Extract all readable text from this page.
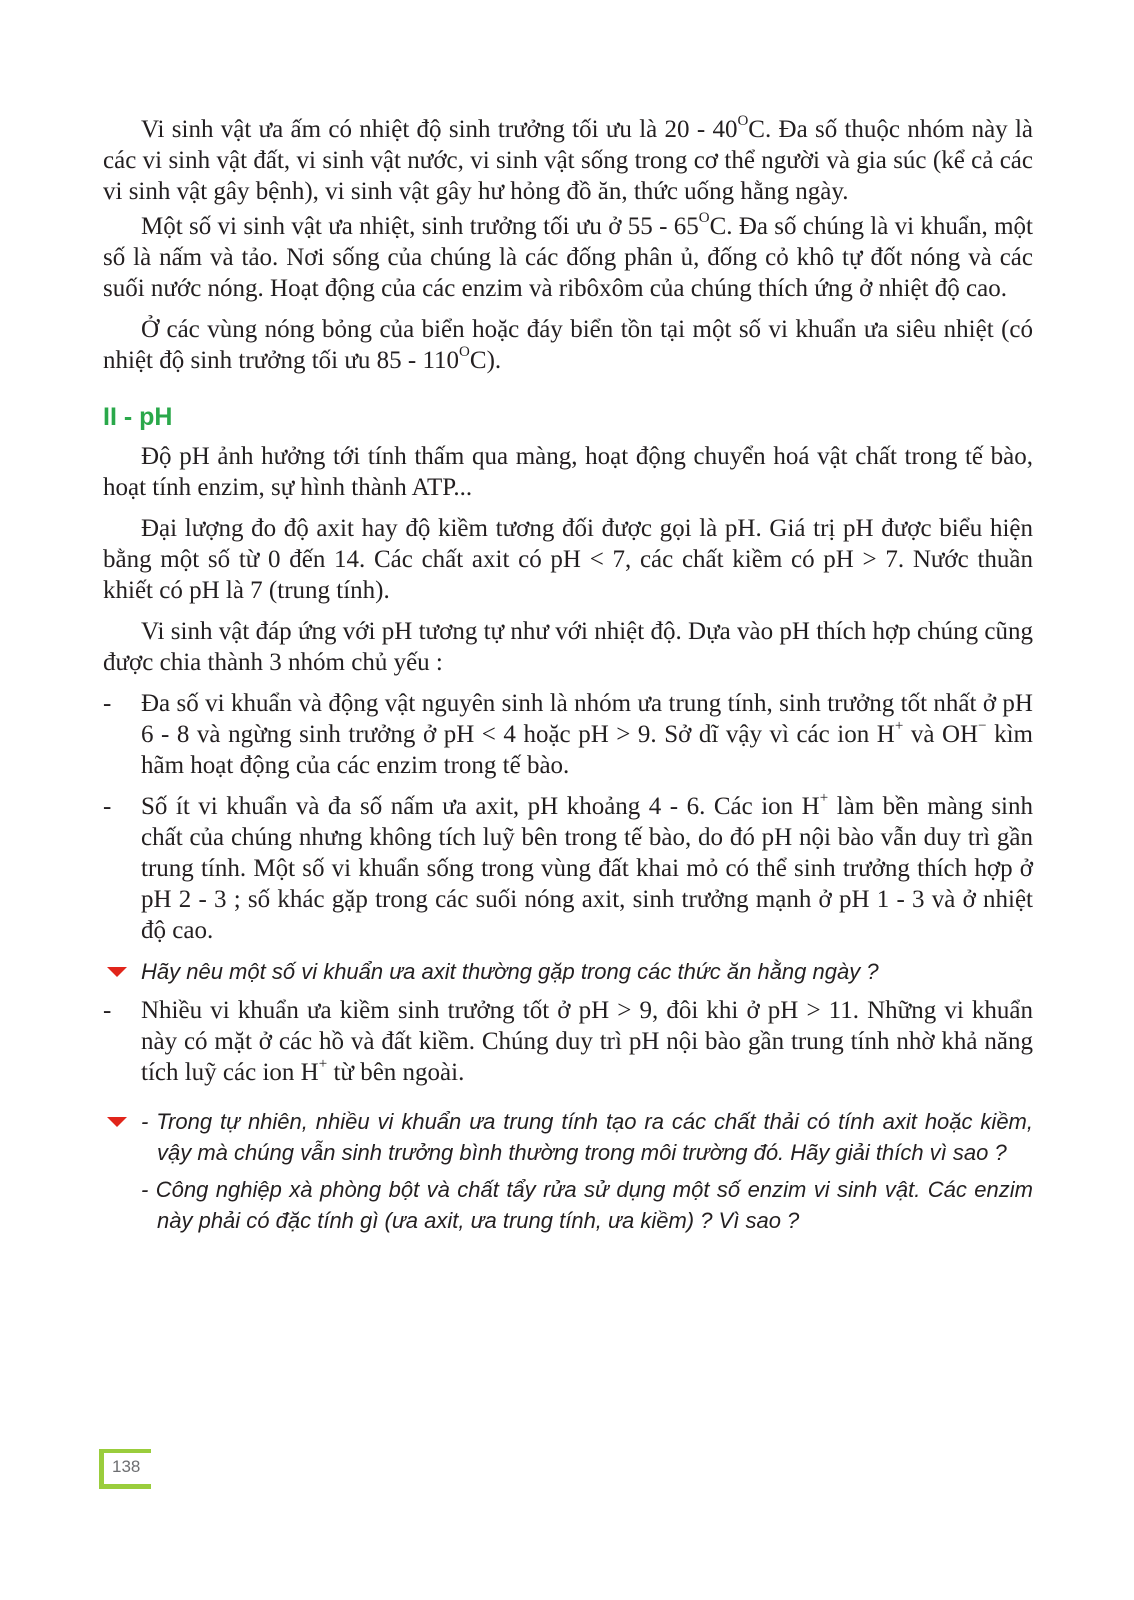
Vi sinh vật ưa ấm có nhiệt độ sinh trưởng tối ưu là $20 - 40^OC$. Đa số thuộc nhóm này là các vi sinh vật đất, vi sinh vật nước, vi sinh vật sống trong cơ thể người và gia súc (kể cả các vi sinh vật gây bệnh), vi sinh vật gây hư hỏng đồ ăn, thức uống hằng ngày.

Một số vi sinh vật ưa nhiệt, sinh trưởng tối ưu ở $55 - 65^OC$. Đa số chúng là vi khuẩn, một số là nấm và tảo. Nơi sống của chúng là các đống phân ủ, đống cỏ khô tự đốt nóng và các suối nước nóng. Hoạt động của các enzim và ribôxôm của chúng thích ứng ở nhiệt độ cao.

Ở các vùng nóng bỏng của biển hoặc đáy biển tồn tại một số vi khuẩn ưa siêu nhiệt (có nhiệt độ sinh trưởng tối ưu $85 - 110^OC$).

II - pH

Độ pH ảnh hưởng tới tính thấm qua màng, hoạt động chuyển hoá vật chất trong tế bào, hoạt tính enzim, sự hình thành ATP...

Đại lượng đo độ axit hay độ kiềm tương đối được gọi là pH. Giá trị pH được biểu hiện bằng một số từ 0 đến 14. Các chất axit có pH < 7, các chất kiềm có pH > 7. Nước thuần khiết có pH là 7 (trung tính).

Vi sinh vật đáp ứng với pH tương tự như với nhiệt độ. Dựa vào pH thích hợp chúng cũng được chia thành 3 nhóm chủ yếu :

-	Đa số vi khuẩn và động vật nguyên sinh là nhóm ưa trung tính, sinh trưởng tốt nhất ở pH 6 - 8 và ngừng sinh trưởng ở pH < 4 hoặc pH > 9. Sở dĩ vậy vì các ion H+ và OH− kìm hãm hoạt động của các enzim trong tế bào.
-	Số ít vi khuẩn và đa số nấm ưa axit, pH khoảng 4 - 6. Các ion H+ làm bền màng sinh chất của chúng nhưng không tích luỹ bên trong tế bào, do đó pH nội bào vẫn duy trì gần trung tính. Một số vi khuẩn sống trong vùng đất khai mỏ có thể sinh trưởng thích hợp ở pH 2 - 3 ; số khác gặp trong các suối nóng axit, sinh trưởng mạnh ở pH 1 - 3 và ở nhiệt độ cao.
Hãy nêu một số vi khuẩn ưa axit thường gặp trong các thức ăn hằng ngày ?
-	Nhiều vi khuẩn ưa kiềm sinh trưởng tốt ở pH > 9, đôi khi ở pH > 11. Những vi khuẩn này có mặt ở các hồ và đất kiềm. Chúng duy trì pH nội bào gần trung tính nhờ khả năng tích luỹ các ion H+ từ bên ngoài.
- Trong tự nhiên, nhiều vi khuẩn ưa trung tính tạo ra các chất thải có tính axit hoặc kiềm, vậy mà chúng vẫn sinh trưởng bình thường trong môi trường đó. Hãy giải thích vì sao ?
- Công nghiệp xà phòng bột và chất tẩy rửa sử dụng một số enzim vi sinh vật. Các enzim này phải có đặc tính gì (ưa axit, ưa trung tính, ưa kiềm) ? Vì sao ?
138
